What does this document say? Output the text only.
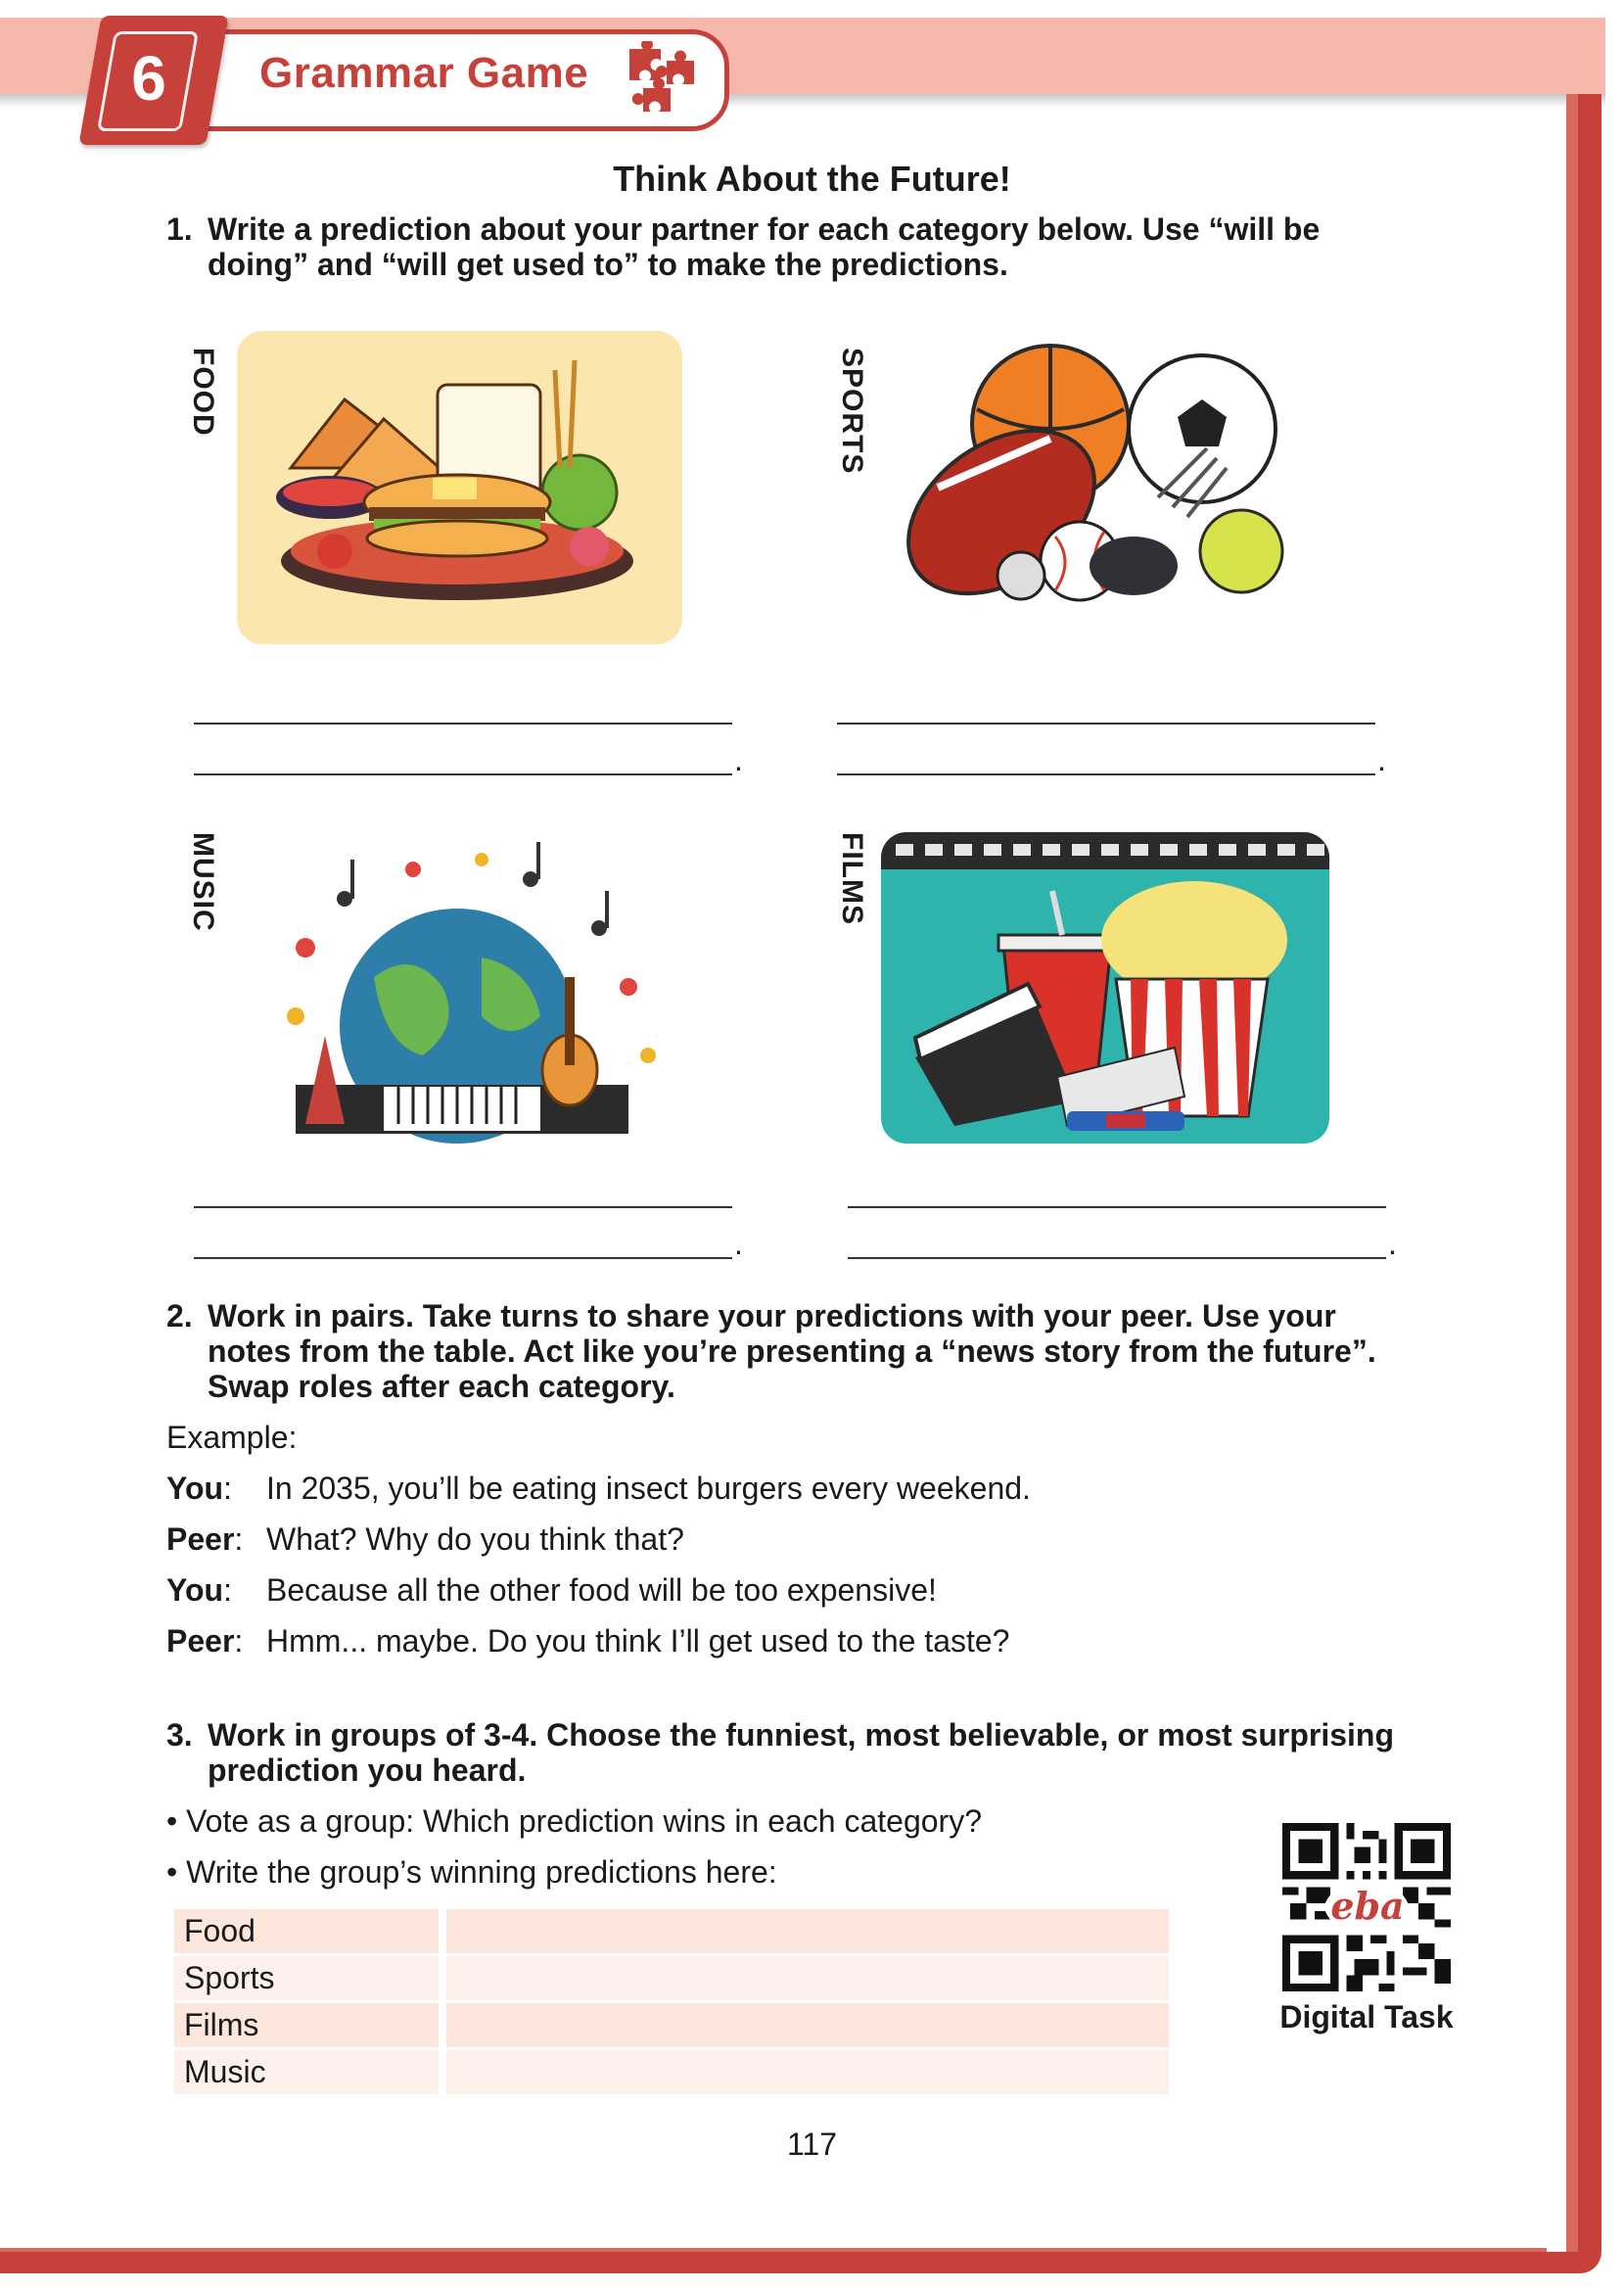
6	Grammar Game
Think About the Future!
1. Write a prediction about your partner for each category below. Use “will be
doing” and “will get used to” to make the predictions.
FOOD	SPORTS
.	.
MUSIC	FILMS
.	.
2. Work in pairs. Take turns to share your predictions with your peer. Use your
notes from the table. Act like you’re presenting a “news story from the future”.
Swap roles after each category.
Example:
You: In 2035, you’ll be eating insect burgers every weekend.
Peer: What? Why do you think that?
You: Because all the other food will be too expensive!
Peer: Hmm... maybe. Do you think I’ll get used to the taste?
3. Work in groups of 3-4. Choose the funniest, most believable, or most surprising
prediction you heard.
• Vote as a group: Which prediction wins in each category?
• Write the group’s winning predictions here:
Food
Sports
Films
Music
eba
Digital Task
117
